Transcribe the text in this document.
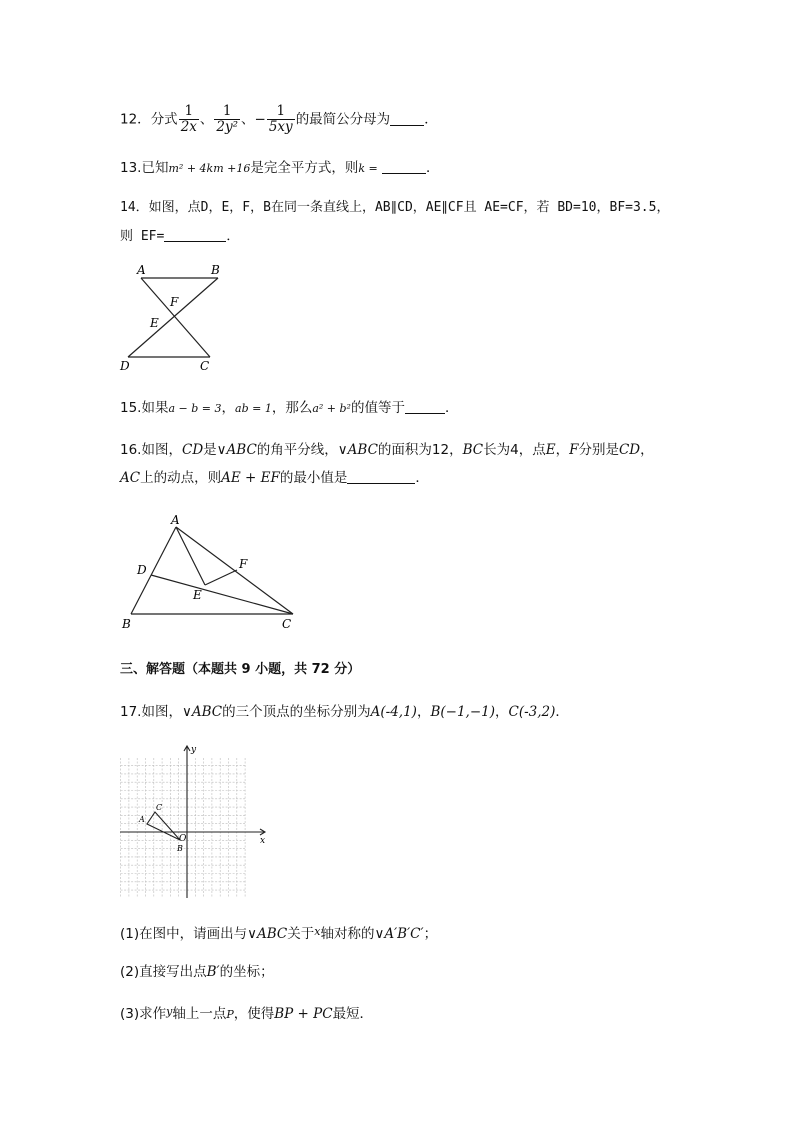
12．分式 $\frac{1}{2x}$ 、 $\frac{1}{\text{2y²}}$ 、− $\frac{1}{5xy}$ 的最简公分母为	．
13.已知m² + 4km +16是完全平方式，则k =	．
14．如图，点D，E，F，B在同一条直线上，AB∥CD，AE∥CF且 AE=CF，若 BD=10，BF=3.5，
则 EF=	．
A	B
F
E
D	C
15.如果a − b = 3，ab = 1，那么a² + b²的值等于	．
16.如图，CD是∨ABC的角平分线，∨ABC的面积为12，BC长为4，点E，F分别是CD，
AC上的动点，则AE + EF的最小值是	．
A
D	F
E
B	C
三、解答题（本题共 9 小题，共 72 分）
17.如图，∨ABC的三个顶点的坐标分别为A(-4,1)，B(−1,−1)，C(-3,2)．
y
x
O
A
B
C
(1)在图中，请画出与∨ABC关于$^x$轴对称的∨A′B′C′；
(2)直接写出点B′的坐标；
(3)求作$^y$轴上一点P，使得BP + PC最短．
